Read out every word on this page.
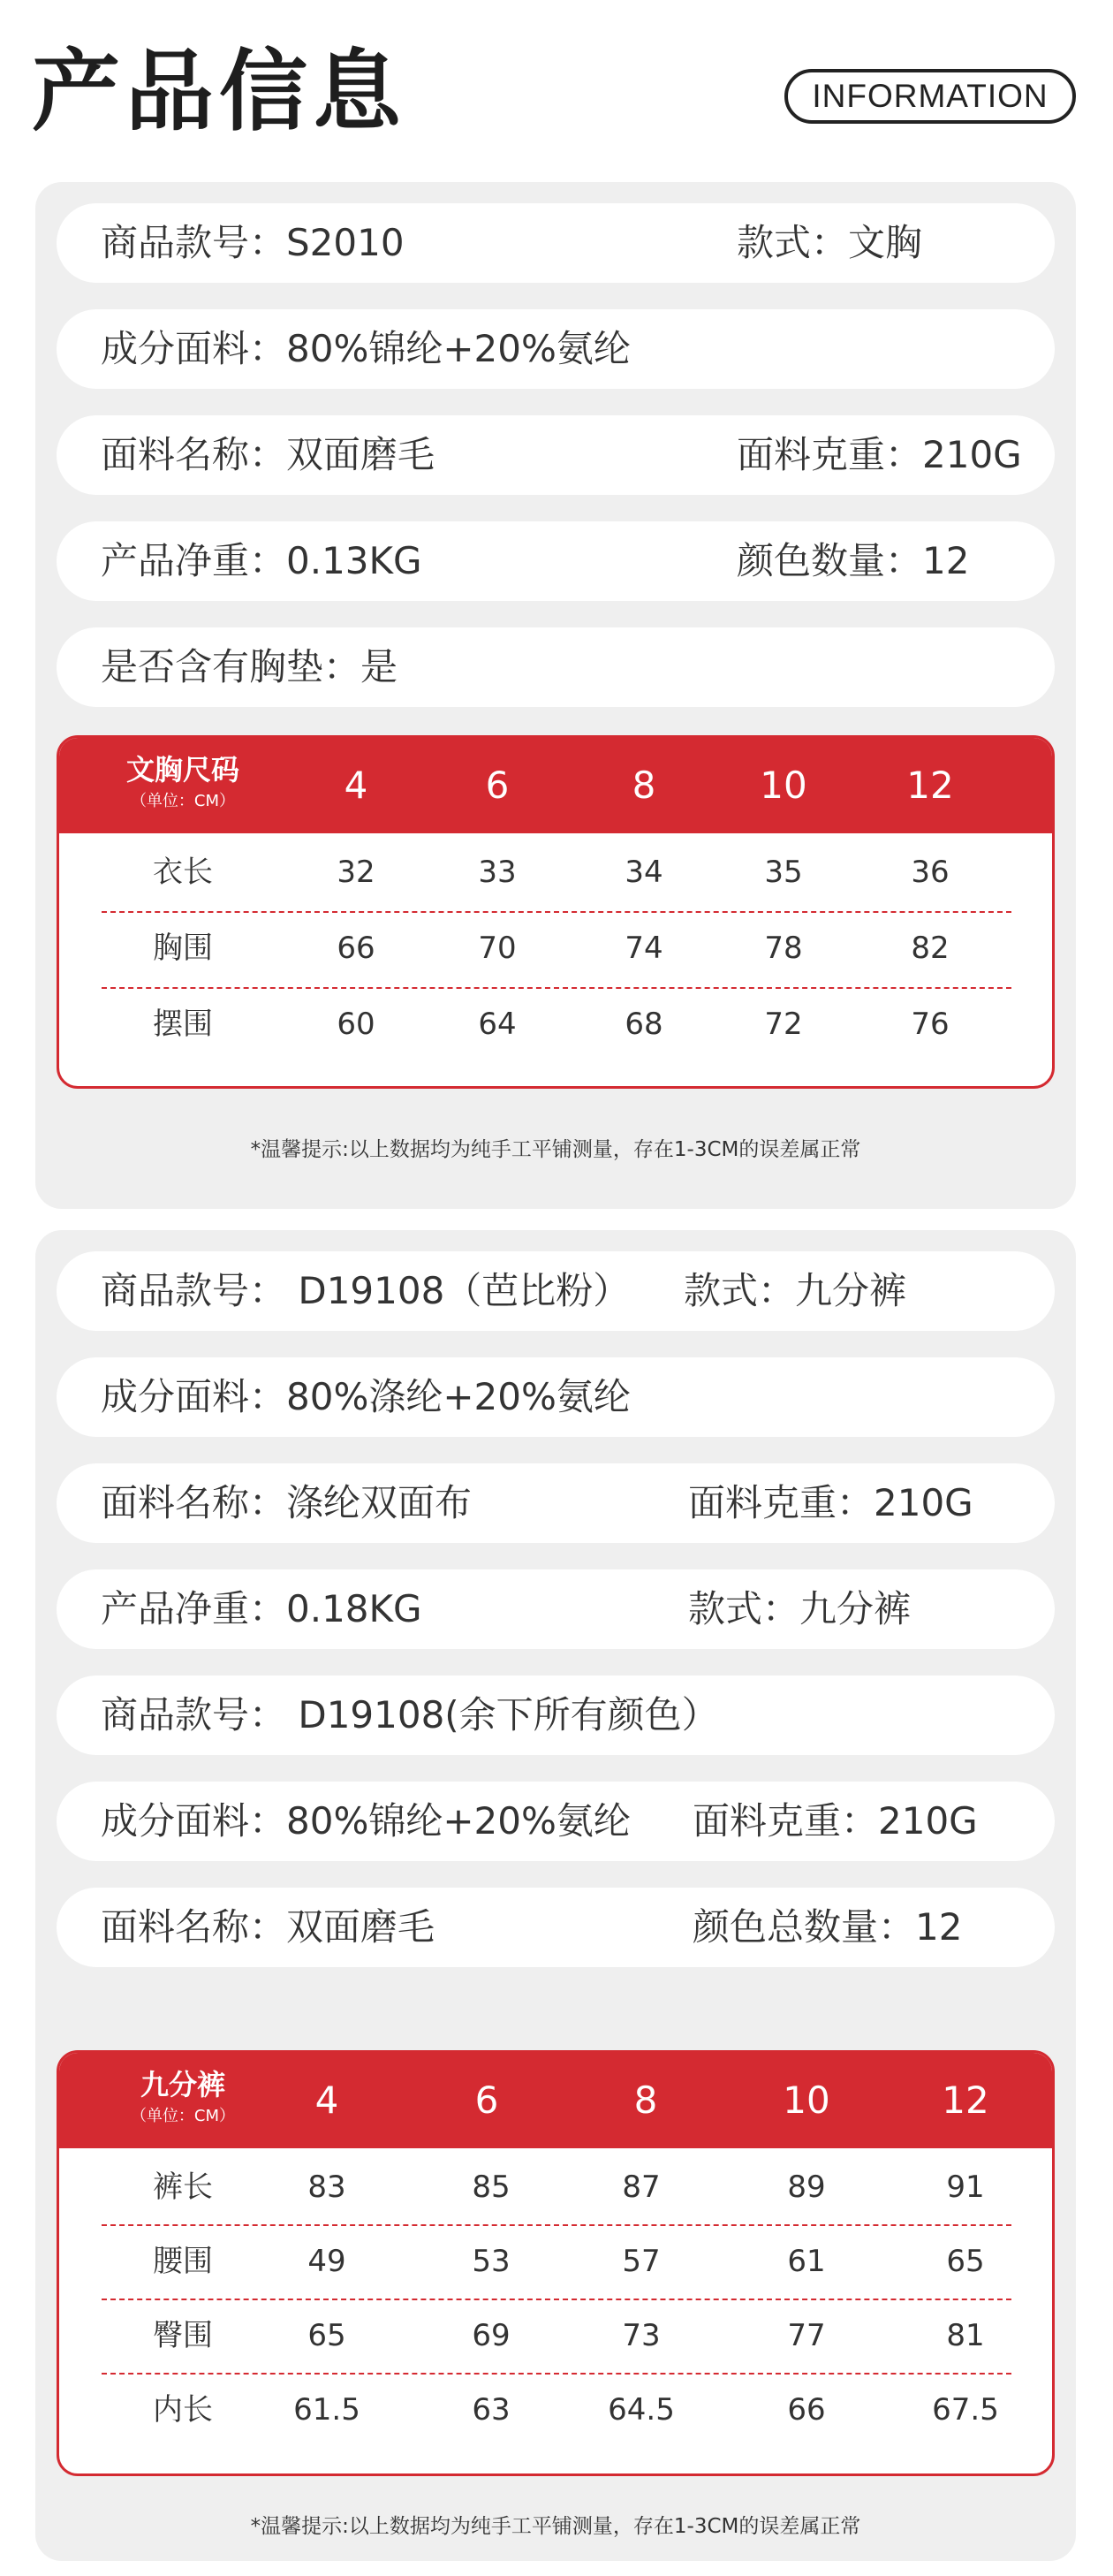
产品信息	INFORMATION
商品款号：S2010	款式：文胸
成分面料：80%锦纶+20%氨纶
面料名称：双面磨毛	面料克重：210G
产品净重：0.13KG	颜色数量：12
是否含有胸垫：是
文胸尺码
（单位：CM）	4	6	8	10	12
衣长	32	33	34	35	36
胸围	66	70	74	78	82
摆围	60	64	68	72	76
*温馨提示:以上数据均为纯手工平铺测量，存在1-3CM的误差属正常
商品款号： D19108（芭比粉） 款式：九分裤
成分面料：80%涤纶+20%氨纶
面料名称：涤纶双面布	面料克重：210G
产品净重：0.18KG	款式：九分裤
商品款号： D19108(余下所有颜色）
成分面料：80%锦纶+20%氨纶 面料克重：210G
面料名称：双面磨毛	颜色总数量：12
九分裤
（单位：CM）	4	6	8	10	12
裤长	83	85	87	89	91
腰围	49	53	57	61	65
臀围	65	69	73	77	81
内长	61.5	63	64.5	66	67.5
*温馨提示:以上数据均为纯手工平铺测量，存在1-3CM的误差属正常
